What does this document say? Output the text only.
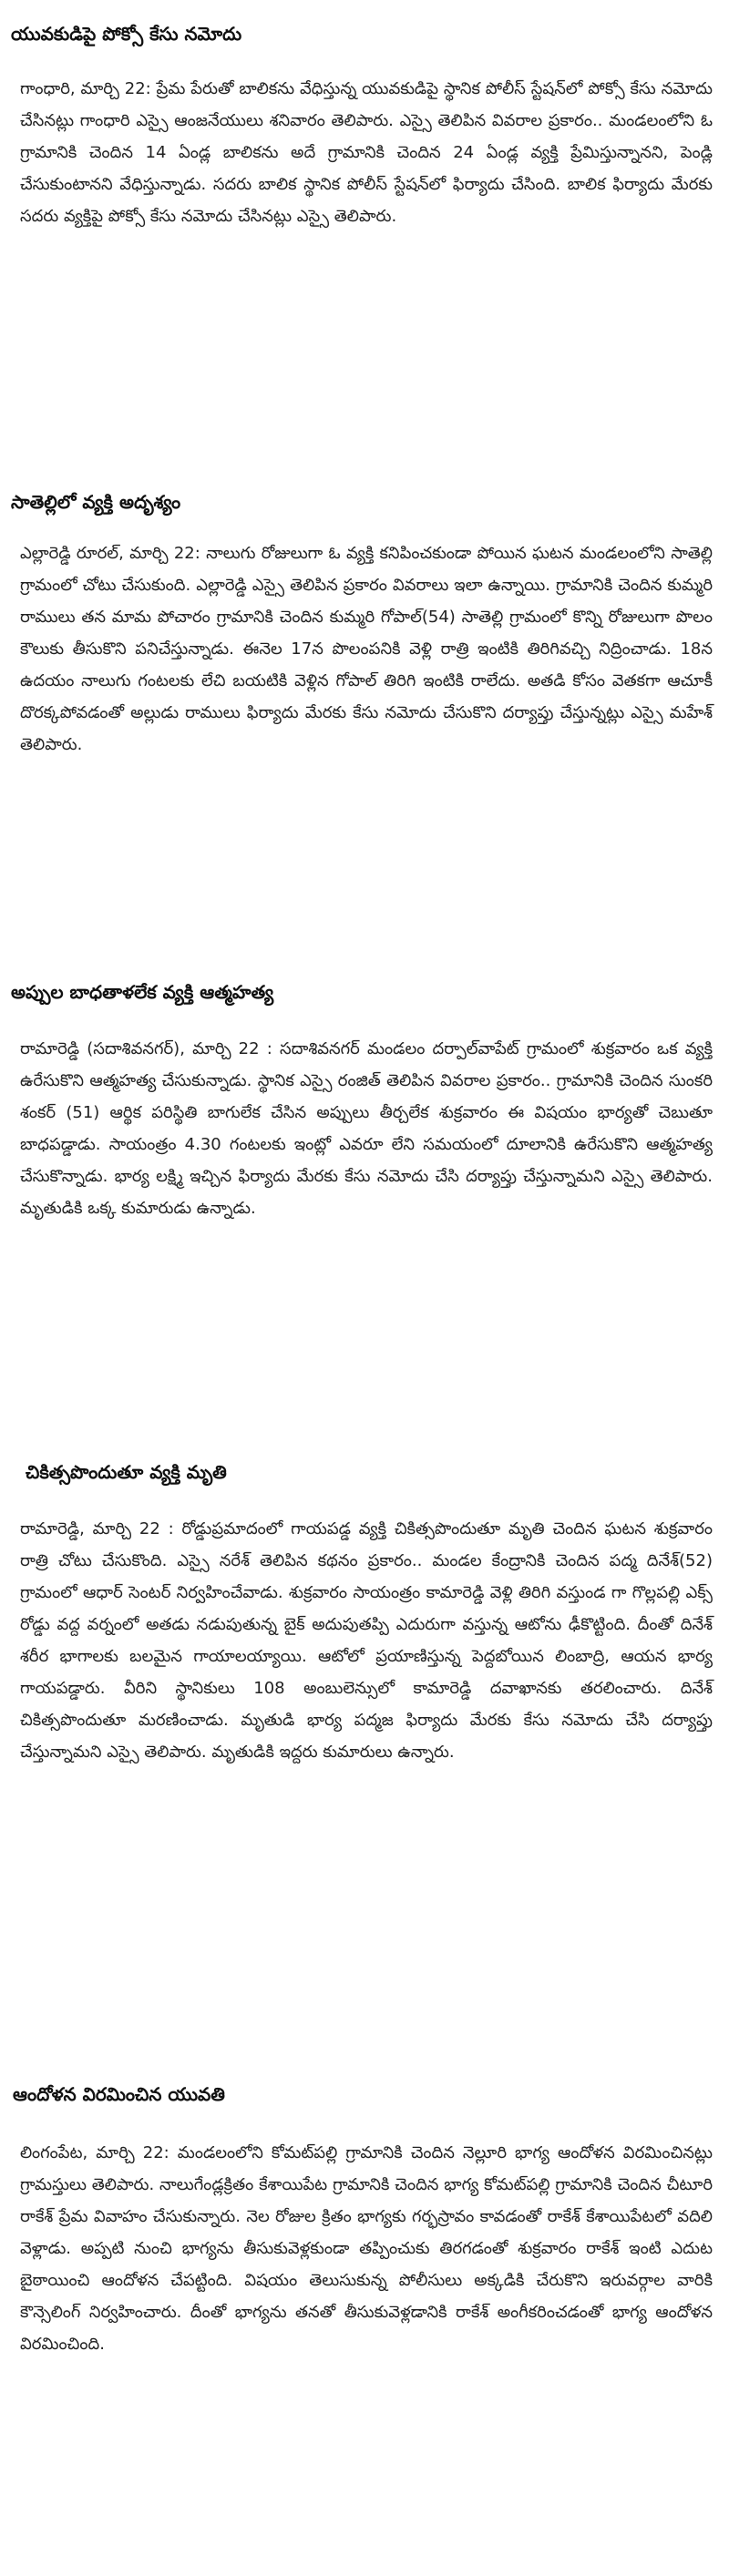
యువకుడిపై పోక్సో కేసు నమోదు

గాంధారి, మార్చి 22: ప్రేమ పేరుతో బాలికను వేధిస్తున్న యువకుడిపై స్థానిక పోలీస్ స్టేషన్‌లో పోక్సో కేసు నమోదు చేసినట్లు గాంధారి ఎస్సై ఆంజనేయులు శనివారం తెలిపారు. ఎస్సై తెలిపిన వివరాల ప్రకారం.. మండలంలోని ఓ గ్రామానికి చెందిన 14 ఏండ్ల బాలికను అదే గ్రామానికి చెందిన 24 ఏండ్ల వ్యక్తి ప్రేమిస్తున్నానని, పెండ్లి చేసుకుంటానని వేధిస్తున్నాడు. సదరు బాలిక స్థానిక పోలీస్ స్టేషన్‌లో ఫిర్యాదు చేసింది. బాలిక ఫిర్యాదు మేరకు సదరు వ్యక్తిపై పోక్సో కేసు నమోదు చేసినట్లు ఎస్సై తెలిపారు.

సాతెల్లిలో వ్యక్తి అదృశ్యం

ఎల్లారెడ్డి రూరల్, మార్చి 22: నాలుగు రోజులుగా ఓ వ్యక్తి కనిపించకుండా పోయిన ఘటన మండలంలోని సాతెల్లి గ్రామంలో చోటు చేసుకుంది. ఎల్లారెడ్డి ఎస్సై తెలిపిన ప్రకారం వివరాలు ఇలా ఉన్నాయి. గ్రామానికి చెందిన కుమ్మరి రాములు తన మామ పోచారం గ్రామానికి చెందిన కుమ్మరి గోపాల్(54) సాతెల్లి గ్రామంలో కొన్ని రోజులుగా పొలం కౌలుకు తీసుకొని పనిచేస్తున్నాడు. ఈనెల 17న పొలంపనికి వెళ్లి రాత్రి ఇంటికి తిరిగివచ్చి నిద్రించాడు. 18న ఉదయం నాలుగు గంటలకు లేచి బయటికి వెళ్లిన గోపాల్ తిరిగి ఇంటికి రాలేదు. అతడి కోసం వెతకగా ఆచూకీ దొరక్కపోవడంతో అల్లుడు రాములు ఫిర్యాదు మేరకు కేసు నమోదు చేసుకొని దర్యాప్తు చేస్తున్నట్లు ఎస్సై మహేశ్ తెలిపారు.

అప్పుల బాధతాళలేక వ్యక్తి ఆత్మహత్య

రామారెడ్డి (సదాశివనగర్), మార్చి 22 : సదాశివనగర్ మండలం దర్పాల్‌వాపేట్ గ్రామంలో శుక్రవారం ఒక వ్యక్తి ఉరేసుకొని ఆత్మహత్య చేసుకున్నాడు. స్థానిక ఎస్సై రంజిత్ తెలిపిన వివరాల ప్రకారం.. గ్రామానికి చెందిన సుంకరి శంకర్ (51) ఆర్థిక పరిస్థితి బాగులేక చేసిన అప్పులు తీర్చలేక శుక్రవారం ఈ విషయం భార్యతో చెబుతూ బాధపడ్డాడు. సాయంత్రం 4.30 గంటలకు ఇంట్లో ఎవరూ లేని సమయంలో దూలానికి ఉరేసుకొని ఆత్మహత్య చేసుకొన్నాడు. భార్య లక్ష్మి ఇచ్చిన ఫిర్యాదు మేరకు కేసు నమోదు చేసి దర్యాప్తు చేస్తున్నామని ఎస్సై తెలిపారు. మృతుడికి ఒక్క కుమారుడు ఉన్నాడు.

చికిత్సపొందుతూ వ్యక్తి మృతి

రామారెడ్డి, మార్చి 22 : రోడ్డుప్రమాదంలో గాయపడ్డ వ్యక్తి చికిత్సపొందుతూ మృతి చెందిన ఘటన శుక్రవారం రాత్రి చోటు చేసుకొంది. ఎస్సై నరేశ్ తెలిపిన కథనం ప్రకారం.. మండల కేంద్రానికి చెందిన పద్మ దినేశ్(52) గ్రామంలో ఆధార్ సెంటర్ నిర్వహించేవాడు. శుక్రవారం సాయంత్రం కామారెడ్డి వెళ్లి తిరిగి వస్తుండ గా గొల్లపల్లి ఎక్స్ రోడ్డు వద్ద వర్నంలో అతడు నడుపుతున్న బైక్ అదుపుతప్పి ఎదురుగా వస్తున్న ఆటోను ఢీకొట్టింది. దీంతో దినేశ్ శరీర భాగాలకు బలమైన గాయాలయ్యాయి. ఆటోలో ప్రయాణిస్తున్న పెద్దబోయిన లింబాద్రి, ఆయన భార్య గాయపడ్డారు. వీరిని స్థానికులు 108 అంబులెన్సులో కామారెడ్డి దవాఖానకు తరలించారు. దినేశ్ చికిత్సపొందుతూ మరణించాడు. మృతుడి భార్య పద్మజ ఫిర్యాదు మేరకు కేసు నమోదు చేసి దర్యాప్తు చేస్తున్నామని ఎస్సై తెలిపారు. మృతుడికి ఇద్దరు కుమారులు ఉన్నారు.

ఆందోళన విరమించిన యువతి

లింగంపేట, మార్చి 22: మండలంలోని కోమట్‌పల్లి గ్రామానికి చెందిన నెల్లూరి భాగ్య ఆందోళన విరమించినట్లు గ్రామస్తులు తెలిపారు. నాలుగేండ్లక్రితం కేశాయిపేట గ్రామానికి చెందిన భాగ్య కోమట్‌పల్లి గ్రామానికి చెందిన చీటూరి రాకేశ్ ప్రేమ వివాహం చేసుకున్నారు. నెల రోజుల క్రితం భాగ్యకు గర్భస్రావం కావడంతో రాకేశ్ కేశాయిపేటలో వదిలి వెళ్లాడు. అప్పటి నుంచి భాగ్యను తీసుకువెళ్లకుండా తప్పించుకు తిరగడంతో శుక్రవారం రాకేశ్ ఇంటి ఎదుట బైఠాయించి ఆందోళన చేపట్టింది. విషయం తెలుసుకున్న పోలీసులు అక్కడికి చేరుకొని ఇరువర్గాల వారికి కౌన్సెలింగ్ నిర్వహించారు. దీంతో భాగ్యను తనతో తీసుకువెళ్లడానికి రాకేశ్ అంగీకరించడంతో భాగ్య ఆందోళన విరమించింది.
